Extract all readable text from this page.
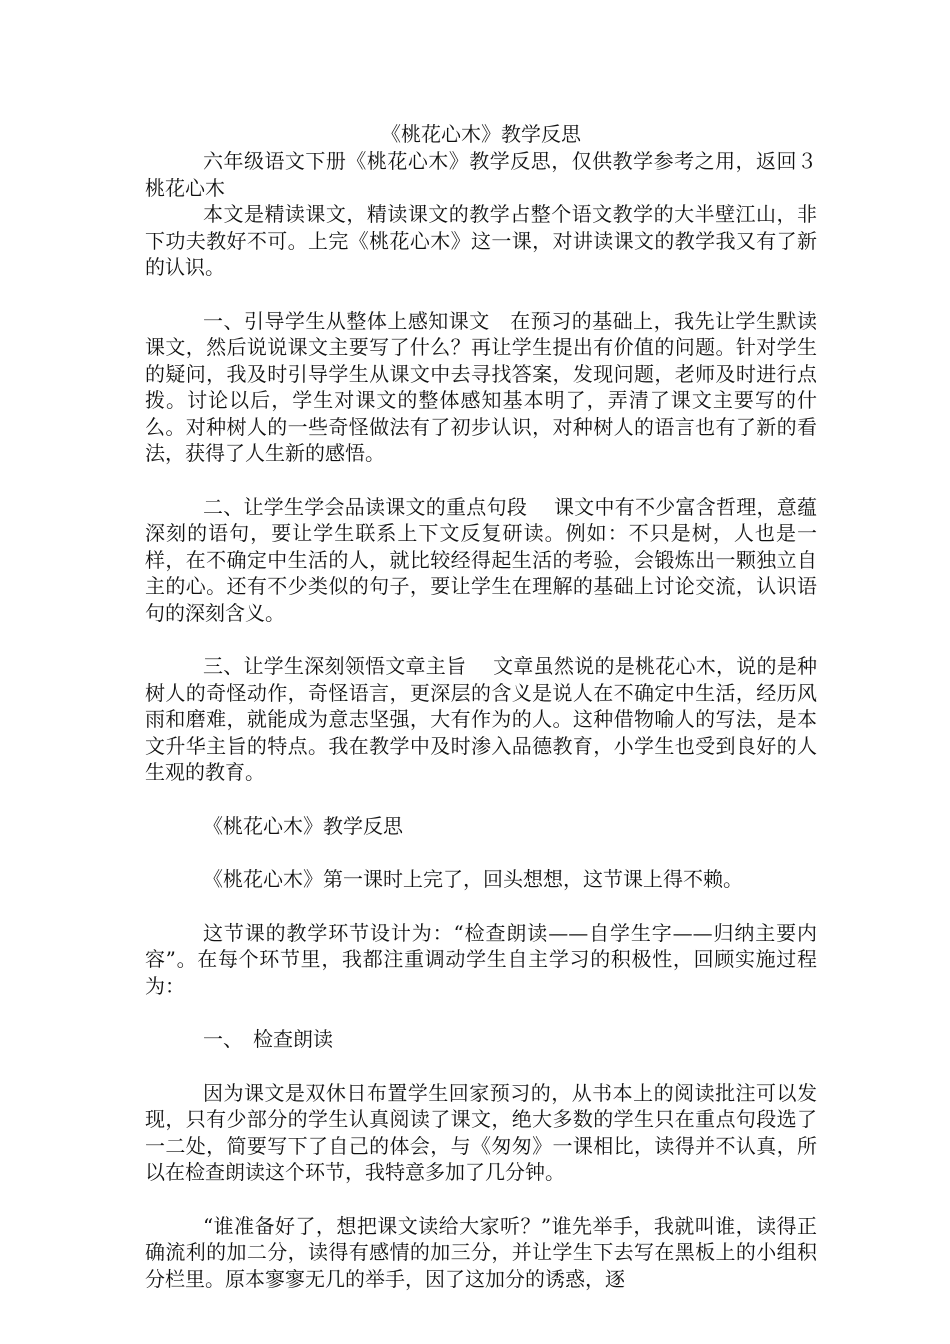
《桃花心木》教学反思

六年级语文下册《桃花心木》教学反思，仅供教学参考之用，返回３桃花心木

本文是精读课文，精读课文的教学占整个语文教学的大半壁江山，非下功夫教好不可。上完《桃花心木》这一课，对讲读课文的教学我又有了新的认识。

一、引导学生从整体上感知课文　在预习的基础上，我先让学生默读课文，然后说说课文主要写了什么？再让学生提出有价值的问题。针对学生的疑问，我及时引导学生从课文中去寻找答案，发现问题，老师及时进行点拨。讨论以后，学生对课文的整体感知基本明了，弄清了课文主要写的什么。对种树人的一些奇怪做法有了初步认识，对种树人的语言也有了新的看法，获得了人生新的感悟。

二、让学生学会品读课文的重点句段　 课文中有不少富含哲理，意蕴深刻的语句，要让学生联系上下文反复研读。例如：不只是树，人也是一样，在不确定中生活的人，就比较经得起生活的考验，会锻炼出一颗独立自主的心。还有不少类似的句子，要让学生在理解的基础上讨论交流，认识语句的深刻含义。

三、让学生深刻领悟文章主旨　 文章虽然说的是桃花心木，说的是种树人的奇怪动作，奇怪语言，更深层的含义是说人在不确定中生活，经历风雨和磨难，就能成为意志坚强，大有作为的人。这种借物喻人的写法，是本文升华主旨的特点。我在教学中及时渗入品德教育，小学生也受到良好的人生观的教育。

《桃花心木》教学反思

《桃花心木》第一课时上完了，回头想想，这节课上得不赖。

这节课的教学环节设计为：“检查朗读——自学生字——归纳主要内容”。在每个环节里，我都注重调动学生自主学习的积极性，回顾实施过程为：

一、　检查朗读

因为课文是双休日布置学生回家预习的，从书本上的阅读批注可以发现，只有少部分的学生认真阅读了课文，绝大多数的学生只在重点句段选了一二处，简要写下了自己的体会，与《匆匆》一课相比，读得并不认真，所以在检查朗读这个环节，我特意多加了几分钟。

“谁准备好了，想把课文读给大家听？”谁先举手，我就叫谁，读得正确流利的加二分，读得有感情的加三分，并让学生下去写在黑板上的小组积分栏里。原本寥寥无几的举手，因了这加分的诱惑，逐
